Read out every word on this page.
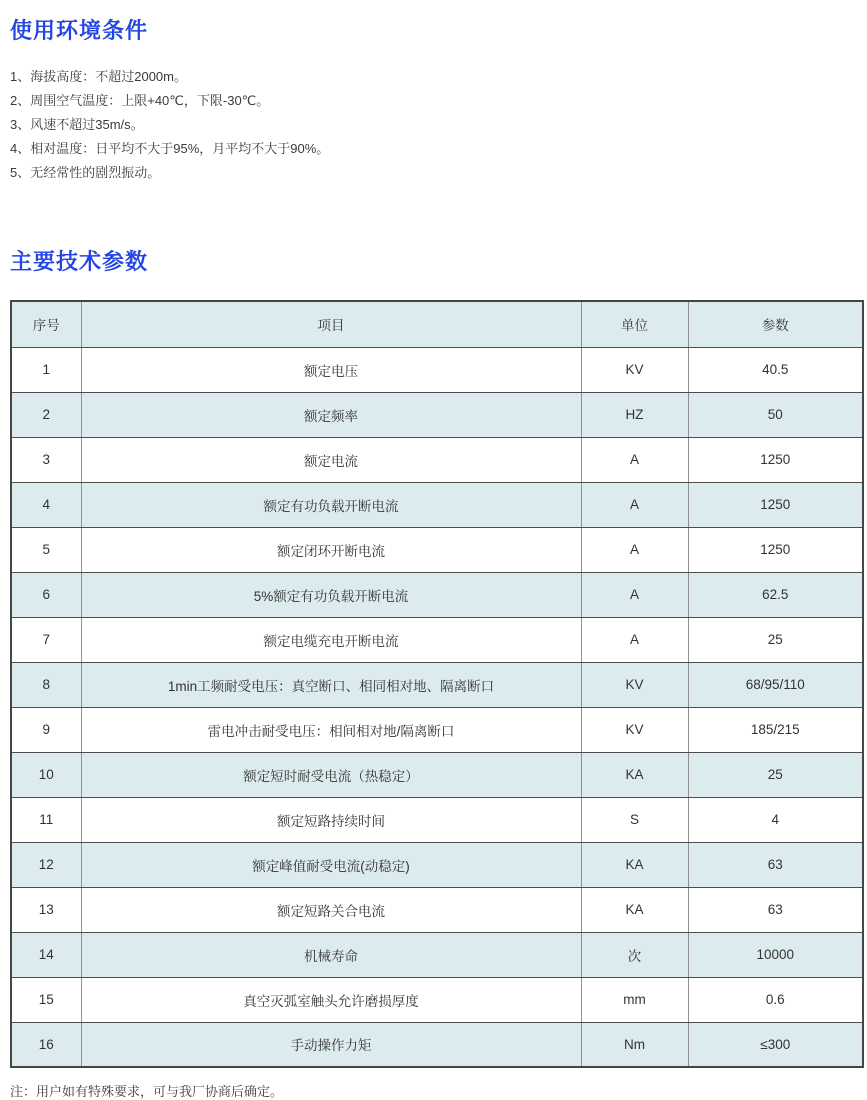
使用环境条件
1、海拔高度：不超过2000m。
2、周围空气温度：上限+40℃，下限-30℃。
3、风速不超过35m/s。
4、相对温度：日平均不大于95%，月平均不大于90%。
5、无经常性的剧烈振动。
主要技术参数
序号	项目	单位	参数
1	额定电压	KV	40.5
2	额定频率	HZ	50
3	额定电流	A	1250
4	额定有功负载开断电流	A	1250
5	额定闭环开断电流	A	1250
6	5%额定有功负载开断电流	A	62.5
7	额定电缆充电开断电流	A	25
8	1min工频耐受电压：真空断口、相同相对地、隔离断口	KV	68/95/110
9	雷电冲击耐受电压：相间相对地/隔离断口	KV	185/215
10	额定短时耐受电流（热稳定）	KA	25
11	额定短路持续时间	S	4
12	额定峰值耐受电流(动稳定)	KA	63
13	额定短路关合电流	KA	63
14	机械寿命	次	10000
15	真空灭弧室触头允许磨损厚度	mm	0.6
16	手动操作力矩	Nm	≤300
注：用户如有特殊要求，可与我厂协商后确定。
